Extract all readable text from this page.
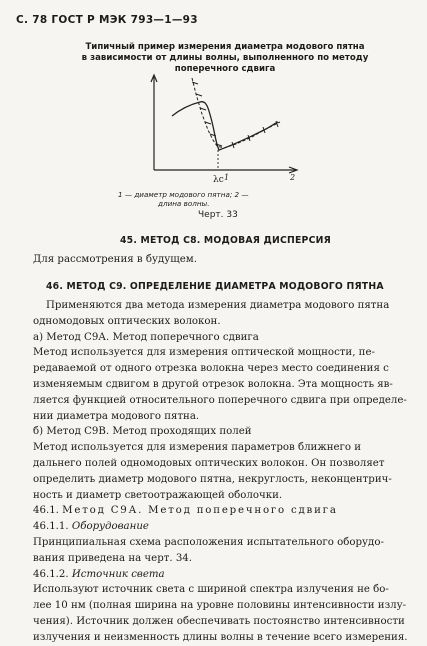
С. 78 ГОСТ Р МЭК 793—1—93
Типичный пример измерения диаметра модового пятна
в зависимости от длины волны, выполненного по методу
поперечного сдвига
λс 1	2
1 — диаметр модового пятна; 2 —
длина волны.
Черт. 33
45. МЕТОД С8. МОДОВАЯ ДИСПЕРСИЯ
Для рассмотрения в будущем.
46. МЕТОД С9. ОПРЕДЕЛЕНИЕ ДИАМЕТРА МОДОВОГО ПЯТНА
Применяются два метода измерения диаметра модового пятна
одномодовых оптических волокон.
а) Метод С9А. Метод поперечного сдвига
Метод используется для измерения оптической мощности, пе-
редаваемой от одного отрезка волокна через место соединения с
изменяемым сдвигом в другой отрезок волокна. Эта мощность яв-
ляется функцией относительного поперечного сдвига при определе-
нии диаметра модового пятна.
б) Метод С9В. Метод проходящих полей
Метод используется для измерения параметров ближнего и
дальнего полей одномодовых оптических волокон. Он позволяет
определить диаметр модового пятна, некруглость, неконцентрич-
ность и диаметр светоотражающей оболочки.
46.1. Метод С9А. Метод поперечного сдвига
46.1.1. Оборудование
Принципиальная схема расположения испытательного оборудо-
вания приведена на черт. 34.
46.1.2. Источник света
Используют источник света с шириной спектра излучения не бо-
лее 10 нм (полная ширина на уровне половины интенсивности излу-
чения). Источник должен обеспечивать постоянство интенсивности
излучения и неизменность длины волны в течение всего измерения.
